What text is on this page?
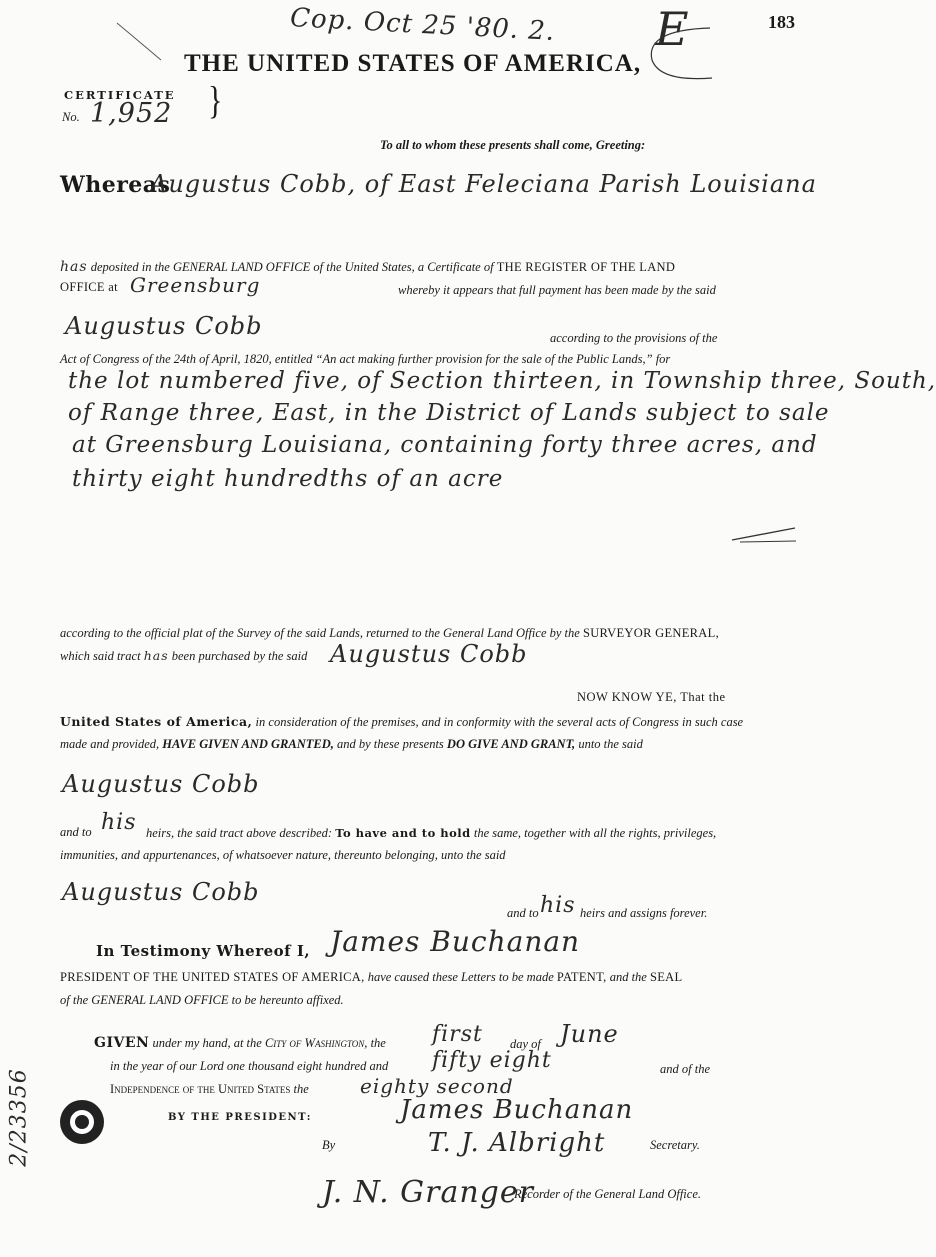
Cop. Oct 25 '80. 2. E	183
THE UNITED STATES OF AMERICA,
CERTIFICATE
No. 1,952 }
To all to whom these presents shall come, Greeting:
Whereas
Augustus Cobb, of East Feleciana Parish Louisiana
has deposited in the GENERAL LAND OFFICE of the United States, a Certificate of THE REGISTER OF THE LAND
OFFICE at Greensburg	whereby it appears that full payment has been made by the said
Augustus Cobb	according to the provisions of the
Act of Congress of the 24th of April, 1820, entitled “An act making further provision for the sale of the Public Lands,” for
the lot numbered five, of Section thirteen, in Township three, South,
of Range three, East, in the District of Lands subject to sale
at Greensburg Louisiana, containing forty three acres, and
thirty eight hundredths of an acre
according to the official plat of the Survey of the said Lands, returned to the General Land Office by the SURVEYOR GENERAL,
which said tract has been purchased by the said Augustus Cobb
NOW KNOW YE, That the
United States of America, in consideration of the premises, and in conformity with the several acts of Congress in such case
made and provided, HAVE GIVEN AND GRANTED, and by these presents DO GIVE AND GRANT, unto the said
Augustus Cobb
and to his heirs, the said tract above described: To have and to hold the same, together with all the rights, privileges,
immunities, and appurtenances, of whatsoever nature, thereunto belonging, unto the said
Augustus Cobb
and to his heirs and assigns forever.
In Testimony Whereof I, James Buchanan
PRESIDENT OF THE UNITED STATES OF AMERICA, have caused these Letters to be made PATENT, and the SEAL
of the GENERAL LAND OFFICE to be hereunto affixed.
GIVEN under my hand, at the City of Washington, the first day of June
in the year of our Lord one thousand eight hundred and fifty eight	and of the
Independence of the United States the	eighty second
BY THE PRESIDENT:	James Buchanan
By	T. J. Albright	Secretary.
J. N. Granger
Recorder of the General Land Office.
2/23356
